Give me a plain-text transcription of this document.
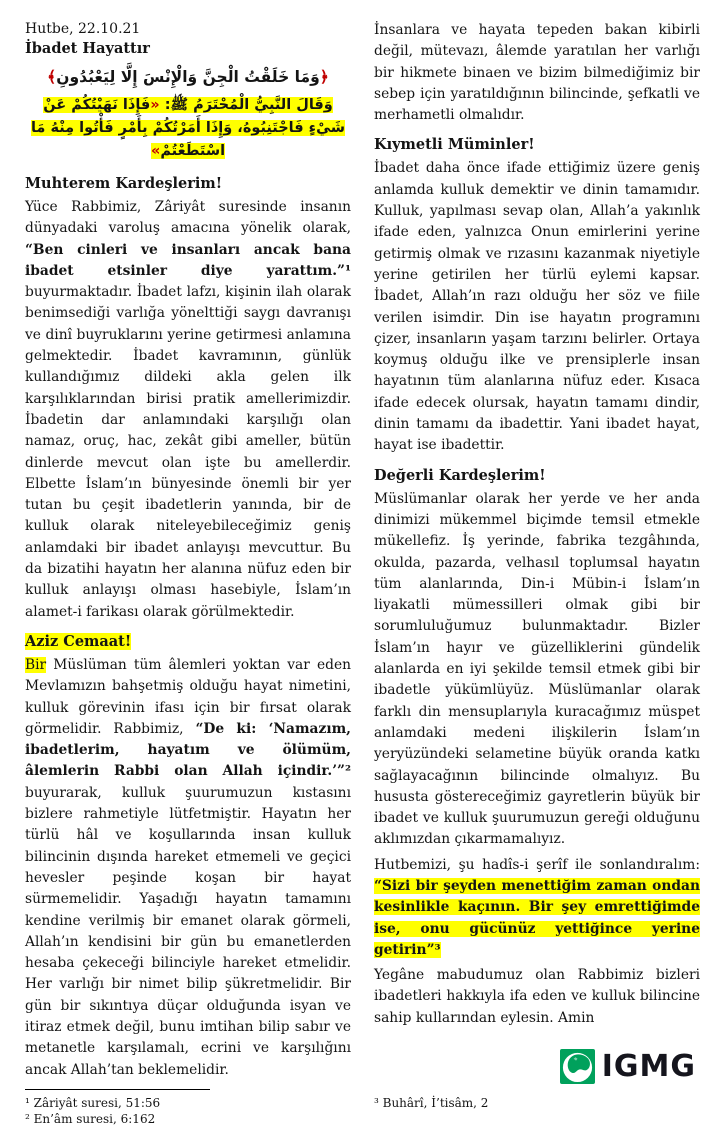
Hutbe, 22.10.21
İbadet Hayattır
﴿وَمَا خَلَقْتُ الْجِنَّ وَالْإِنْسَ إِلَّا لِيَعْبُدُونِ﴾
وَقَالَ النَّبِيُّ الْمُحْتَرَمُ ﷺ: «فَإِذَا نَهَيْتُكُمْ عَنْ شَيْءٍ فَاجْتَنِبُوهُ، وَإِذَا أَمَرْتُكُمْ بِأَمْرٍ فَأْتُوا مِنْهُ مَا اسْتَطَعْتُمْ»
Muhterem Kardeşlerim!

Yüce Rabbimiz, Zâriyât suresinde insanın dünyadaki varoluş amacına yönelik olarak, “Ben cinleri ve insanları ancak bana ibadet etsinler diye yarattım.”¹ buyurmaktadır. İbadet lafzı, kişinin ilah olarak benimsediği varlığa yönelttiği saygı davranışı ve dinî buyruklarını yerine getirmesi anlamına gelmektedir. İbadet kavramının, günlük kullandığımız dildeki akla gelen ilk karşılıklarından birisi pratik amellerimizdir. İbadetin dar anlamındaki karşılığı olan namaz, oruç, hac, zekât gibi ameller, bütün dinlerde mevcut olan işte bu amellerdir. Elbette İslam’ın bünyesinde önemli bir yer tutan bu çeşit ibadetlerin yanında, bir de kulluk olarak niteleyebileceğimiz geniş anlamdaki bir ibadet anlayışı mevcuttur. Bu da bizatihi hayatın her alanına nüfuz eden bir kulluk anlayışı olması hasebiyle, İslam’ın alamet-i farikası olarak görülmektedir.

Aziz Cemaat!

Bir Müslüman tüm âlemleri yoktan var eden Mevlamızın bahşetmiş olduğu hayat nimetini, kulluk görevinin ifası için bir fırsat olarak görmelidir. Rabbimiz, “De ki: ‘Namazım, ibadetlerim, hayatım ve ölümüm, âlemlerin Rabbi olan Allah içindir.’”² buyurarak, kulluk şuurumuzun kıstasını bizlere rahmetiyle lütfetmiştir. Hayatın her türlü hâl ve koşullarında insan kulluk bilincinin dışında hareket etmemeli ve geçici hevesler peşinde koşan bir hayat sürmemelidir. Yaşadığı hayatın tamamını kendine verilmiş bir emanet olarak görmeli, Allah’ın kendisini bir gün bu emanetlerden hesaba çekeceği bilinciyle hareket etmelidir. Her varlığı bir nimet bilip şükretmelidir. Bir gün bir sıkıntıya düçar olduğunda isyan ve itiraz etmek değil, bunu imtihan bilip sabır ve metanetle karşılamalı, ecrini ve karşılığını ancak Allah’tan beklemelidir.

¹ Zâriyât suresi, 51:56
² En’âm suresi, 6:162

İnsanlara ve hayata tepeden bakan kibirli değil, mütevazı, âlemde yaratılan her varlığı bir hikmete binaen ve bizim bilmediğimiz bir sebep için yaratıldığının bilincinde, şefkatli ve merhametli olmalıdır.

Kıymetli Müminler!

İbadet daha önce ifade ettiğimiz üzere geniş anlamda kulluk demektir ve dinin tamamıdır. Kulluk, yapılması sevap olan, Allah’a yakınlık ifade eden, yalnızca Onun emirlerini yerine getirmiş olmak ve rızasını kazanmak niyetiyle yerine getirilen her türlü eylemi kapsar. İbadet, Allah’ın razı olduğu her söz ve fiile verilen isimdir. Din ise hayatın programını çizer, insanların yaşam tarzını belirler. Ortaya koymuş olduğu ilke ve prensiplerle insan hayatının tüm alanlarına nüfuz eder. Kısaca ifade edecek olursak, hayatın tamamı dindir, dinin tamamı da ibadettir. Yani ibadet hayat, hayat ise ibadettir.

Değerli Kardeşlerim!

Müslümanlar olarak her yerde ve her anda dinimizi mükemmel biçimde temsil etmekle mükellefiz. İş yerinde, fabrika tezgâhında, okulda, pazarda, velhasıl toplumsal hayatın tüm alanlarında, Din-i Mübin-i İslam’ın liyakatli mümessilleri olmak gibi bir sorumluluğumuz bulunmaktadır. Bizler İslam’ın hayır ve güzelliklerini gündelik alanlarda en iyi şekilde temsil etmek gibi bir ibadetle yükümlüyüz. Müslümanlar olarak farklı din mensuplarıyla kuracağımız müspet anlamdaki medeni ilişkilerin İslam’ın yeryüzündeki selametine büyük oranda katkı sağlayacağının bilincinde olmalıyız. Bu hususta göstereceğimiz gayretlerin büyük bir ibadet ve kulluk şuurumuzun gereği olduğunu aklımızdan çıkarmamalıyız.

Hutbemizi, şu hadîs-i şerîf ile sonlandıralım: “Sizi bir şeyden menettiğim zaman ondan kesinlikle kaçının. Bir şey emrettiğimde ise, onu gücünüz yettiğince yerine getirin”³

Yegâne mabudumuz olan Rabbimiz bizleri ibadetleri hakkıyla ifa eden ve kulluk bilincine sahip kullarından eylesin. Amin

IGMG
³ Buhârî, İ’tisâm, 2
